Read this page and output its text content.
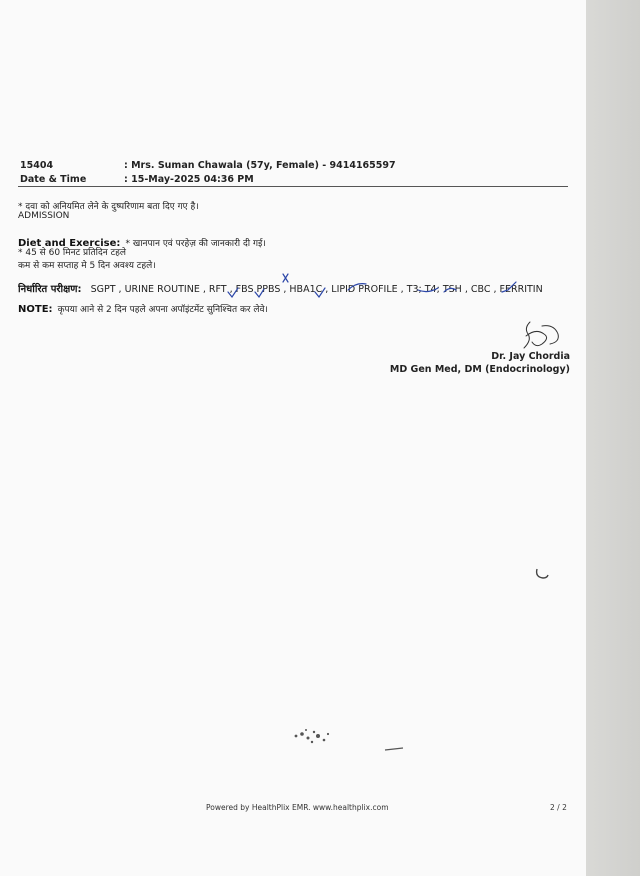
15404	: Mrs. Suman Chawala (57y, Female) - 9414165597
Date & Time	: 15-May-2025 04:36 PM
* दवा को अनियमित लेने के दुष्परिणाम बता दिए गए है।
ADMISSION
Diet and Exercise: * खानपान एवं परहेज़ की जानकारी दी गई।
* 45 से 60 मिनट प्रतिदिन टहले
कम से कम सप्ताह मे 5 दिन अवश्य टहले।
निर्धारित परीक्षण: SGPT , URINE ROUTINE , RFT , FBS PPBS , HBA1C , LIPID PROFILE , T3; T4; TSH , CBC , FERRITIN
NOTE: कृपया आने से 2 दिन पहले अपना अपॉइंटमेंट सुनिश्चित कर लेवे।
Dr. Jay Chordia
MD Gen Med, DM (Endocrinology)
Powered by HealthPlix EMR. www.healthplix.com	2 / 2
